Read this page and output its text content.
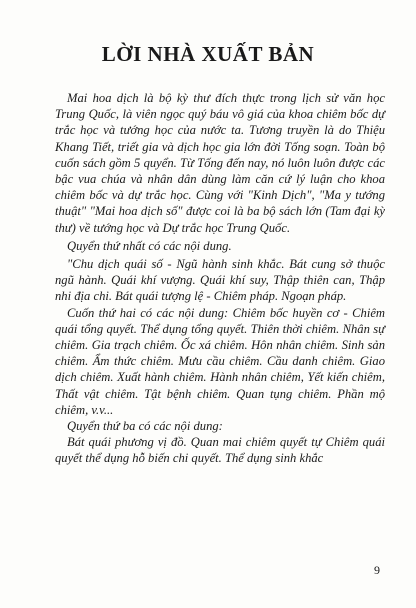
LỜI NHÀ XUẤT BẢN

Mai hoa dịch là bộ kỳ thư đích thực trong lịch sử văn học Trung Quốc, là viên ngọc quý báu vô giá của khoa chiêm bốc dự trắc học và tướng học của nước ta. Tương truyền là do Thiệu Khang Tiết, triết gia và dịch học gia lớn đời Tống soạn. Toàn bộ cuốn sách gồm 5 quyển. Từ Tống đến nay, nó luôn luôn được các bậc vua chúa và nhân dân dùng làm căn cứ lý luận cho khoa chiêm bốc và dự trắc học. Cùng với "Kinh Dịch", "Ma y tướng thuật" "Mai hoa dịch số" được coi là ba bộ sách lớn (Tam đại kỳ thư) về tướng học và Dự trắc học Trung Quốc.

Quyển thứ nhất có các nội dung.

"Chu dịch quái số - Ngũ hành sinh khắc. Bát cung sở thuộc ngũ hành. Quái khí vượng. Quái khí suy, Thập thiên can, Thập nhi địa chi. Bát quái tượng lệ - Chiêm pháp. Ngoạn pháp.

Cuốn thứ hai có các nội dung: Chiêm bốc huyền cơ - Chiêm quái tổng quyết. Thể dụng tổng quyết. Thiên thời chiêm. Nhân sự chiêm. Gia trạch chiêm. Ốc xá chiêm. Hôn nhân chiêm. Sinh sản chiêm. Ẩm thức chiêm. Mưu cầu chiêm. Cầu danh chiêm. Giao dịch chiêm. Xuất hành chiêm. Hành nhân chiêm, Yết kiến chiêm, Thất vật chiêm. Tật bệnh chiêm. Quan tụng chiêm. Phần mộ chiêm, v.v...

Quyển thứ ba có các nội dung:

Bát quái phương vị đồ. Quan mai chiêm quyết tự Chiêm quái quyết thể dụng hỗ biến chi quyết. Thể dụng sinh khắc

9
